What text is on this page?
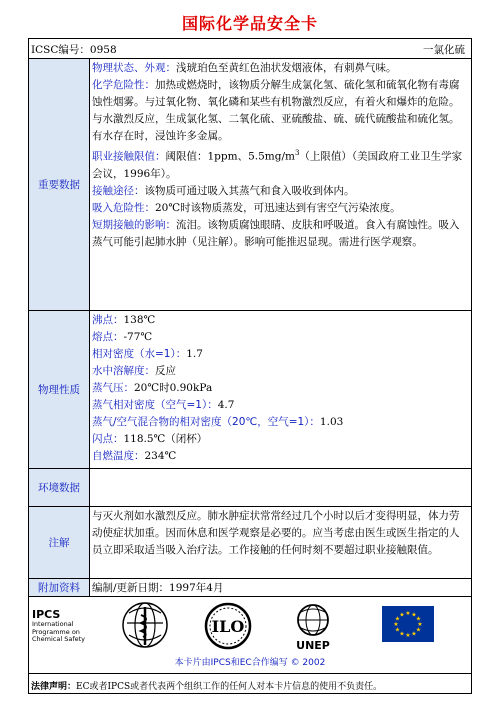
国际化学品安全卡
ICSC编号：0958	一氯化硫
重要数据
物理状态、外观：浅琥珀色至黄红色油状发烟液体，有刺鼻气味。
化学危险性：加热或燃烧时，该物质分解生成氯化氢、硫化氢和硫氧化物有毒腐蚀性烟雾。与过氧化物、氧化磷和某些有机物激烈反应，有着火和爆炸的危险。与水激烈反应，生成氯化氢、二氧化硫、亚硫酸盐、硫、硫代硫酸盐和硫化氢。有水存在时，浸蚀许多金属。
职业接触限值：阈限值：1ppm、$5.5mg/m^3$（上限值）（美国政府工业卫生学家会议，1996年）。
接触途径：该物质可通过吸入其蒸气和食入吸收到体内。
吸入危险性：20℃时该物质蒸发，可迅速达到有害空气污染浓度。
短期接触的影响：流泪。该物质腐蚀眼睛、皮肤和呼吸道。食入有腐蚀性。吸入蒸气可能引起肺水肿（见注解）。影响可能推迟显现。需进行医学观察。
物理性质
沸点：138℃
熔点：-77℃
相对密度（水=1）：1.7
水中溶解度：反应
蒸气压：20℃时0.90kPa
蒸气相对密度（空气=1）：4.7
蒸气/空气混合物的相对密度（20℃，空气=1）：1.03
闪点：118.5℃（闭杯）
自燃温度：234℃
环境数据
注解
与灭火剂如水激烈反应。肺水肿症状常常经过几个小时以后才变得明显，体力劳动使症状加重。因而休息和医学观察是必要的。应当考虑由医生或医生指定的人员立即采取适当吸入治疗法。工作接触的任何时刻不要超过职业接触限值。
附加资料	编制/更新日期：1997年4月
IPCS
International
Programme on
Chemical Safety
ILO
UNEP
★ ★
★
★
★
★
★
★
★
★
★
★
本卡片由IPCS和EC合作编写 © 2002
法律声明：EC或者IPCS或者代表两个组织工作的任何人对本卡片信息的使用不负责任。
